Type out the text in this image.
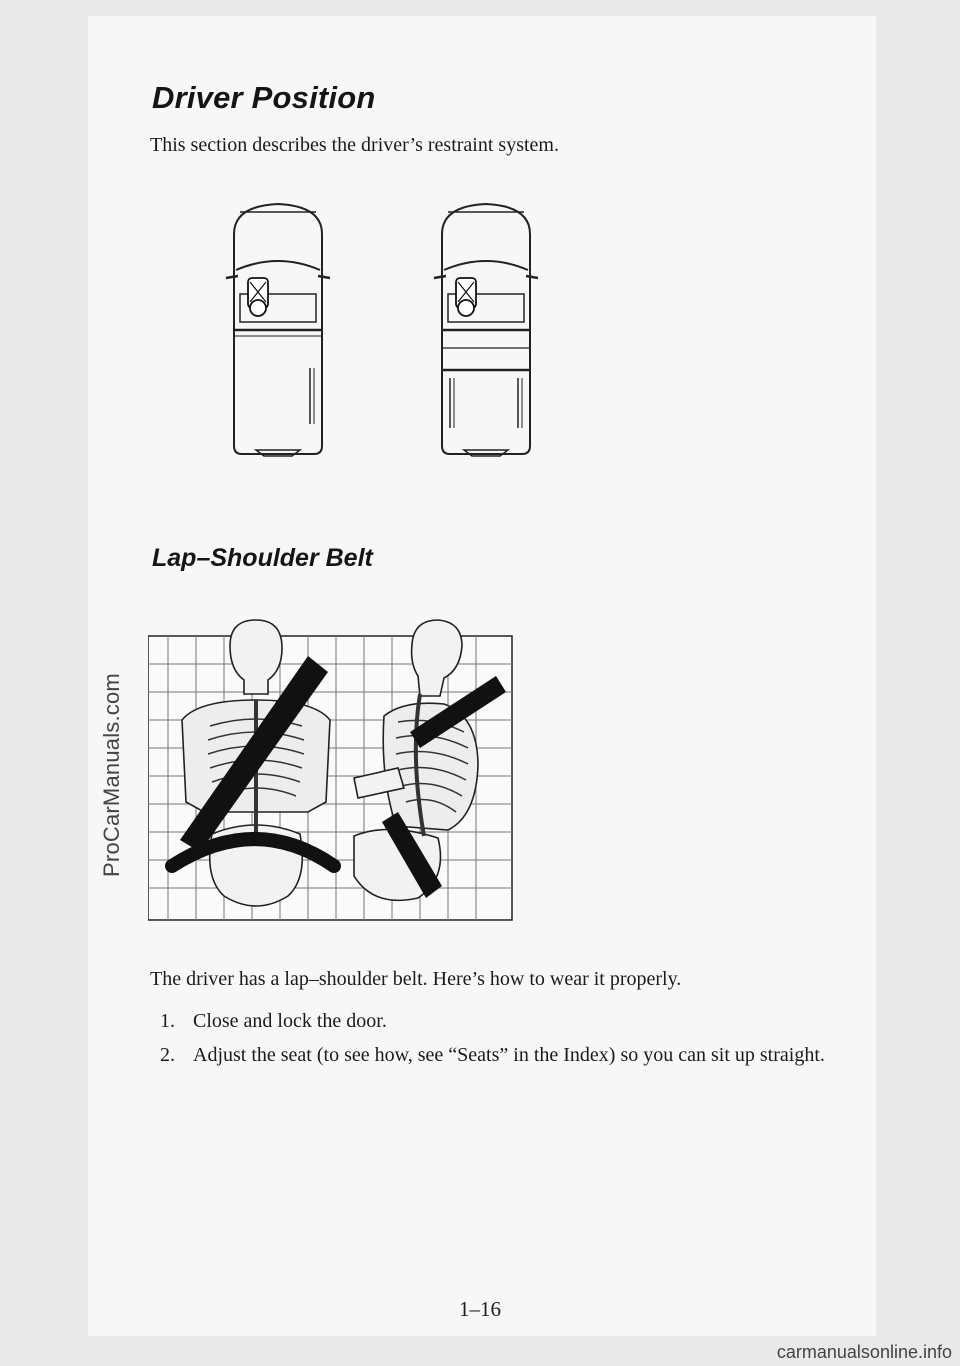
ProCarManuals.com
carmanualsonline.info
Driver Position

This section describes the driver’s restraint system.

Lap–Shoulder Belt

The driver has a lap–shoulder belt. Here’s how to wear it properly.

1. Close and lock the door.
2. Adjust the seat (to see how, see “Seats” in the Index) so you can sit up straight.
1–16
